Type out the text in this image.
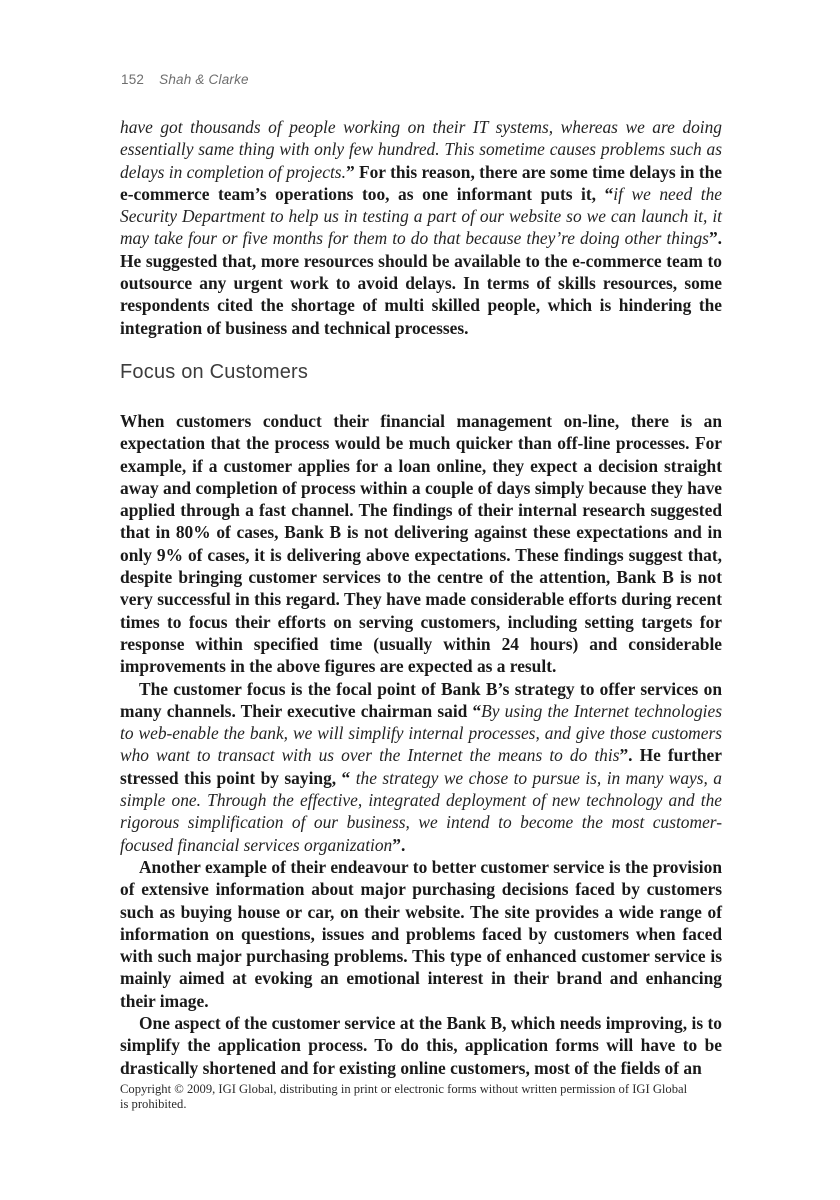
152 Shah & Clarke

have got thousands of people working on their IT systems, whereas we are doing essentially same thing with only few hundred. This sometime causes problems such as delays in completion of projects.” For this reason, there are some time delays in the e-commerce team’s operations too, as one informant puts it, “if we need the Security Department to help us in testing a part of our website so we can launch it, it may take four or five months for them to do that because they’re doing other things”. He suggested that, more resources should be available to the e-commerce team to outsource any urgent work to avoid delays. In terms of skills resources, some respondents cited the shortage of multi skilled people, which is hindering the integration of business and technical processes.

Focus on Customers

When customers conduct their financial management on-line, there is an expectation that the process would be much quicker than off-line processes. For example, if a customer applies for a loan online, they expect a decision straight away and completion of process within a couple of days simply because they have applied through a fast channel. The findings of their internal research suggested that in 80% of cases, Bank B is not delivering against these expectations and in only 9% of cases, it is delivering above expectations. These findings suggest that, despite bringing customer services to the centre of the attention, Bank B is not very successful in this regard. They have made considerable efforts during recent times to focus their efforts on serving customers, including setting targets for response within specified time (usually within 24 hours) and considerable improvements in the above figures are expected as a result.

The customer focus is the focal point of Bank B’s strategy to offer services on many channels. Their executive chairman said “By using the Internet technologies to web-enable the bank, we will simplify internal processes, and give those customers who want to transact with us over the Internet the means to do this”. He further stressed this point by saying, “ the strategy we chose to pursue is, in many ways, a simple one. Through the effective, integrated deployment of new technology and the rigorous simplification of our business, we intend to become the most customer-focused financial services organization”.

Another example of their endeavour to better customer service is the provision of extensive information about major purchasing decisions faced by customers such as buying house or car, on their website. The site provides a wide range of information on questions, issues and problems faced by customers when faced with such major purchasing problems. This type of enhanced customer service is mainly aimed at evoking an emotional interest in their brand and enhancing their image.

One aspect of the customer service at the Bank B, which needs improving, is to simplify the application process. To do this, application forms will have to be drastically shortened and for existing online customers, most of the fields of an

Copyright © 2009, IGI Global, distributing in print or electronic forms without written permission of IGI Global
is prohibited.
